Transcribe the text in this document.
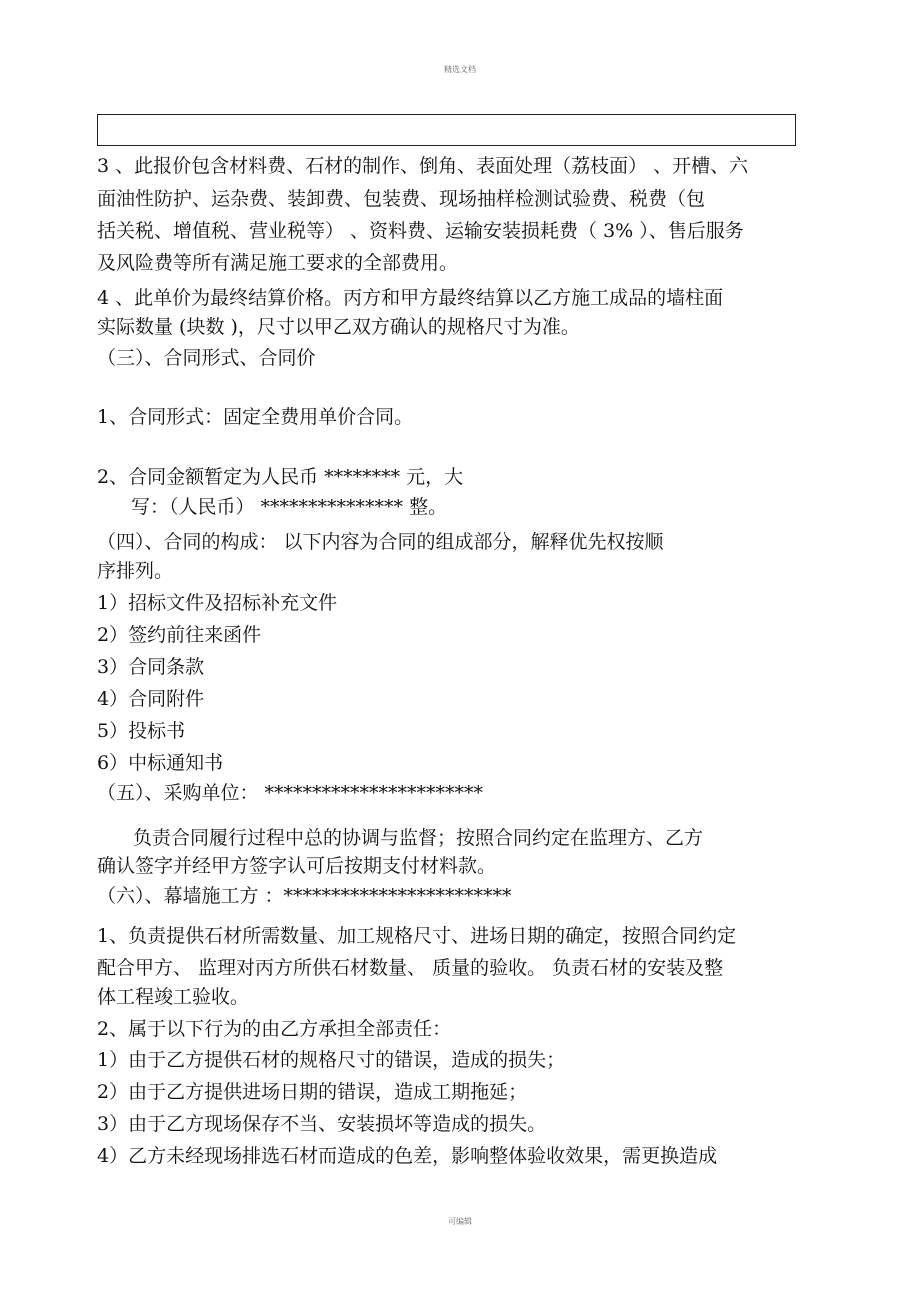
精选文档
3 、此报价包含材料费、石材的制作、倒角、表面处理（荔枝面） 、开槽、六
面油性防护、运杂费、装卸费、包装费、现场抽样检测试验费、税费（包
括关税、增值税、营业税等） 、资料费、运输安装损耗费（ 3% ）、售后服务
及风险费等所有满足施工要求的全部费用。
4 、此单价为最终结算价格。丙方和甲方最终结算以乙方施工成品的墙柱面
实际数量 (块数 )，尺寸以甲乙双方确认的规格尺寸为准。
（三）、合同形式、合同价
1、合同形式：固定全费用单价合同。
2、合同金额暂定为人民币 ******** 元，大
写：（人民币） *************** 整。
（四）、合同的构成： 以下内容为合同的组成部分，解释优先权按顺
序排列。
1）招标文件及招标补充文件
2）签约前往来函件
3）合同条款
4）合同附件
5）投标书
6）中标通知书
（五）、采购单位： ***********************
负责合同履行过程中总的协调与监督；按照合同约定在监理方、乙方
确认签字并经甲方签字认可后按期支付材料款。
（六）、幕墙施工方 ：************************
1、负责提供石材所需数量、加工规格尺寸、进场日期的确定，按照合同约定
配合甲方、 监理对丙方所供石材数量、 质量的验收。 负责石材的安装及整
体工程竣工验收。
2、属于以下行为的由乙方承担全部责任：
1）由于乙方提供石材的规格尺寸的错误，造成的损失；
2）由于乙方提供进场日期的错误，造成工期拖延；
3）由于乙方现场保存不当、安装损坏等造成的损失。
4）乙方未经现场排选石材而造成的色差，影响整体验收效果，需更换造成
可编辑
